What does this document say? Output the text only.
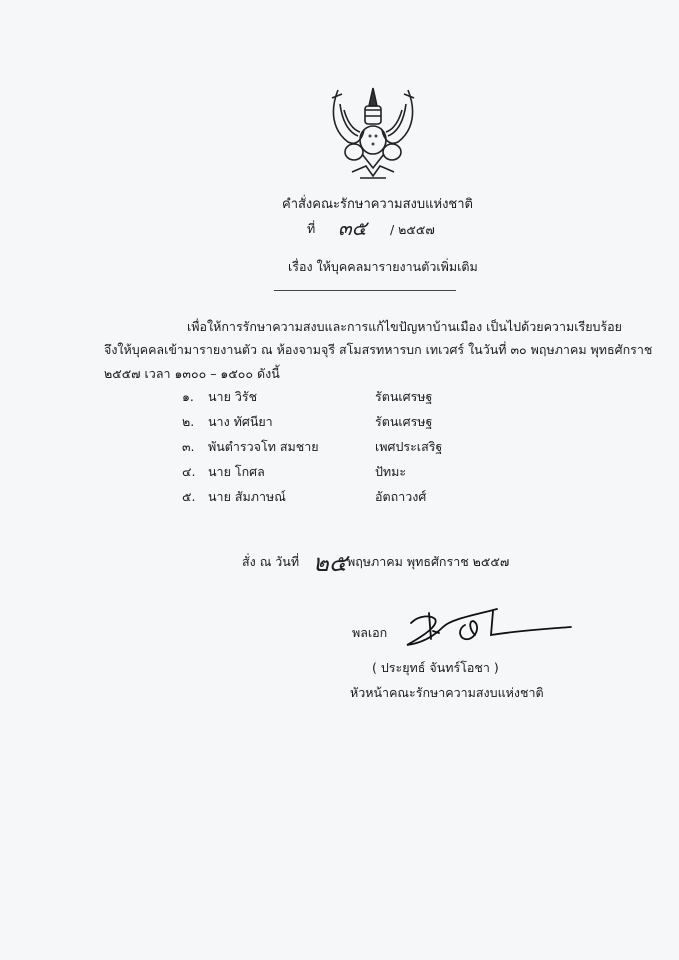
คำสั่งคณะรักษาความสงบแห่งชาติ
ที่ ๓๕ / ๒๕๕๗
เรื่อง ให้บุคคลมารายงานตัวเพิ่มเติม
เพื่อให้การรักษาความสงบและการแก้ไขปัญหาบ้านเมือง เป็นไปด้วยความเรียบร้อย
จึงให้บุคคลเข้ามารายงานตัว ณ ห้องจามจุรี สโมสรทหารบก เทเวศร์ ในวันที่ ๓๐ พฤษภาคม พุทธศักราช
๒๕๕๗ เวลา ๑๓๐๐ – ๑๕๐๐ ดังนี้
๑. นาย วิรัช	รัตนเศรษฐ
๒. นาง ทัศนียา	รัตนเศรษฐ
๓. พันตำรวจโท สมชาย	เพศประเสริฐ
๔. นาย โกศล	ปัทมะ
๕. นาย สัมภาษณ์	อัตถาวงศ์
สั่ง ณ วันที่ ๒๕ พฤษภาคม พุทธศักราช ๒๕๕๗
พลเอก
( ประยุทธ์ จันทร์โอชา )
หัวหน้าคณะรักษาความสงบแห่งชาติ
